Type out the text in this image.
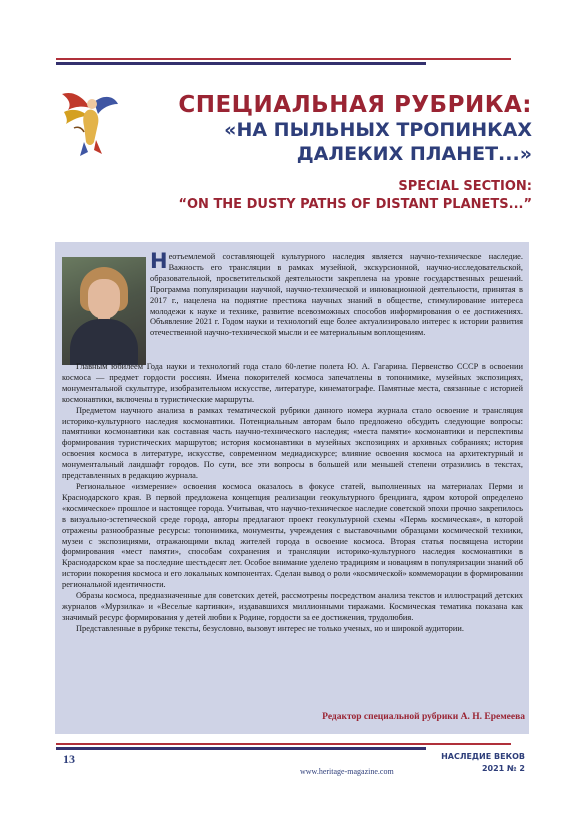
СПЕЦИАЛЬНАЯ РУБРИКА:
«НА ПЫЛЬНЫХ ТРОПИНКАХ
ДАЛЕКИХ ПЛАНЕТ...»
SPECIAL SECTION:
“ON THE DUSTY PATHS OF DISTANT PLANETS...”
Неотъемлемой составляющей культурного наследия является научно-техническое наследие. Важность его трансляции в рамках музейной, экскурсионной, научно-исследовательской, образовательной, просветительской деятельности закреплена на уровне государственных решений. Программа популяризации научной, научно-технической и инновационной деятельности, принятая в 2017 г., нацелена на поднятие престижа научных знаний в обществе, стимулирование интереса молодежи к науке и технике, развитие всевозможных способов информирования о ее достижениях. Объявление 2021 г. Годом науки и технологий еще более актуализировало интерес к истории развития отечественной научно-технической мысли и ее материальным воплощениям.

Главным юбилеем Года науки и технологий года стало 60-летие полета Ю. А. Гагарина. Первенство СССР в освоении космоса — предмет гордости россиян. Имена покорителей космоса запечатлены в топонимике, музейных экспозициях, монументальной скульптуре, изобразительном искусстве, литературе, кинематографе. Памятные места, связанные с историей космонавтики, включены в туристические маршруты.

Предметом научного анализа в рамках тематической рубрики данного номера журнала стало освоение и трансляция историко-культурного наследия космонавтики. Потенциальным авторам было предложено обсудить следующие вопросы: памятники космонавтики как составная часть научно-технического наследия; «места памяти» космонавтики и перспективы формирования туристических маршрутов; история космонавтики в музейных экспозициях и архивных собраниях; история освоения космоса в литературе, искусстве, современном медиадискурсе; влияние освоения космоса на архитектурный и монументальный ландшафт городов. По сути, все эти вопросы в большей или меньшей степени отразились в текстах, представленных в редакцию журнала.

Региональное «измерение» освоения космоса оказалось в фокусе статей, выполненных на материалах Перми и Краснодарского края. В первой предложена концепция реализации геокультурного брендинга, ядром которой определено «космическое» прошлое и настоящее города. Учитывая, что научно-техническое наследие советской эпохи прочно закрепилось в визуально-эстетической среде города, авторы предлагают проект геокультурной схемы «Пермь космическая», в которой отражены разнообразные ресурсы: топонимика, монументы, учреждения с выставочными образцами космической техники, музеи с экспозициями, отражающими вклад жителей города в освоение космоса. Вторая статья посвящена истории формирования «мест памяти», способам сохранения и трансляции историко-культурного наследия космонавтики в Краснодарском крае за последние шестьдесят лет. Особое внимание уделено традициям и новациям в популяризации знаний об истории покорения космоса и его локальных компонентах. Сделан вывод о роли «космической» коммеморации в формировании региональной идентичности.

Образы космоса, предназначенные для советских детей, рассмотрены посредством анализа текстов и иллюстраций детских журналов «Мурзилка» и «Веселые картинки», издававшихся миллионными тиражами. Космическая тематика показана как значимый ресурс формирования у детей любви к Родине, гордости за ее достижения, трудолюбия.

Представленные в рубрике тексты, безусловно, вызовут интерес не только ученых, но и широкой аудитории.

Редактор специальной рубрики А. Н. Еремеева
13
www.heritage-magazine.com
НАСЛЕДИЕ ВЕКОВ
2021 № 2
